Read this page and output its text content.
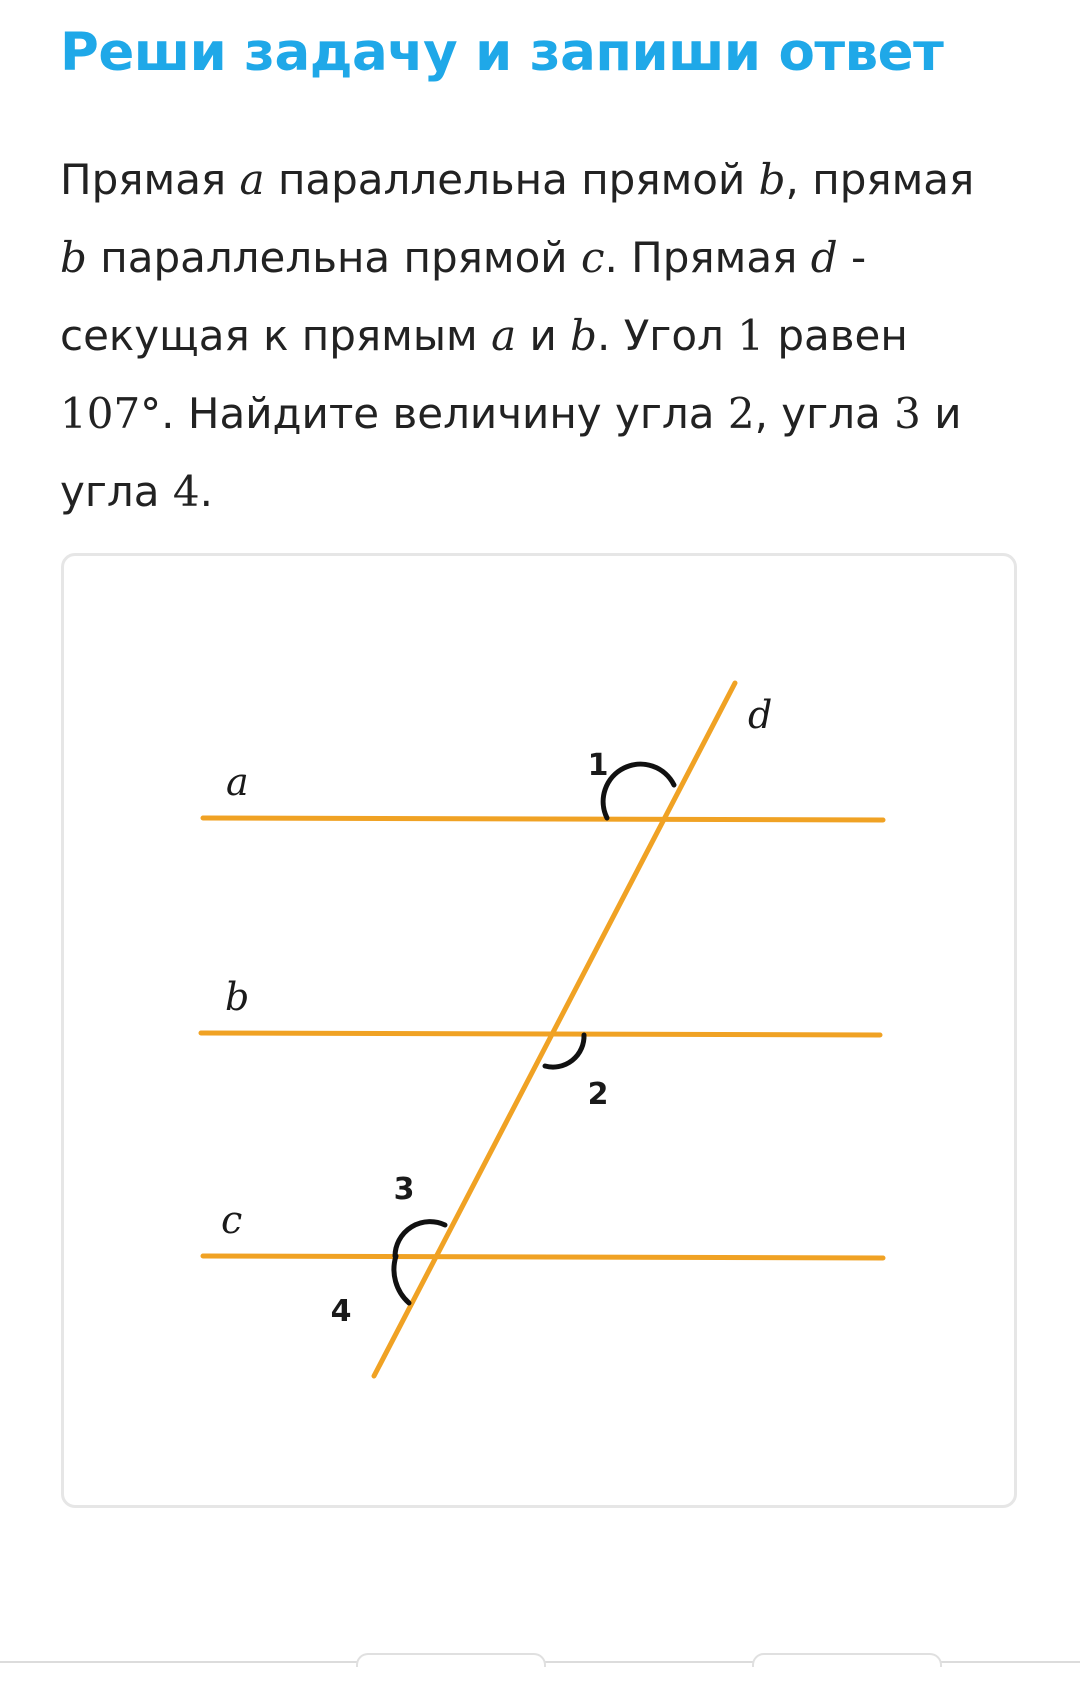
Реши задачу и запиши ответ

Прямая a параллельна прямой b, прямая
b параллельна прямой c. Прямая d - секущая к прямым a и b. Угол 1 равен 107°. Найдите величину угла 2, угла 3 и угла 4.

a
b
c
d
1
2
3
4
